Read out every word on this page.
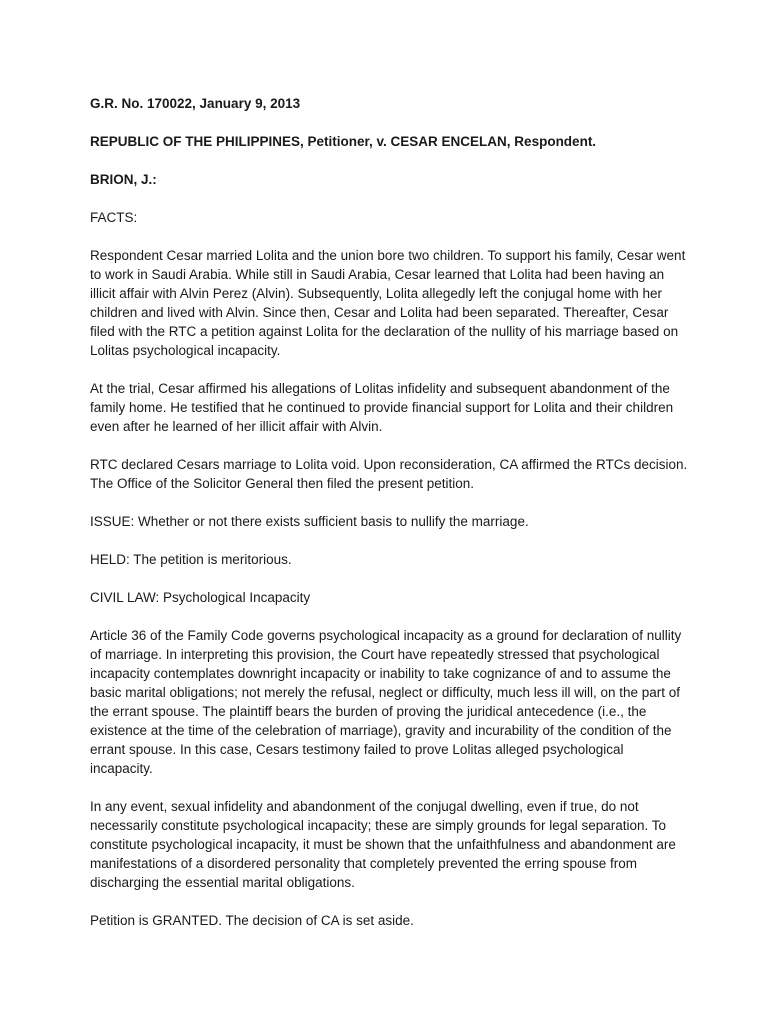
G.R. No. 170022, January 9, 2013

REPUBLIC OF THE PHILIPPINES, Petitioner, v. CESAR ENCELAN, Respondent.

BRION, J.:

FACTS:

Respondent Cesar married Lolita and the union bore two children. To support his family, Cesar went to work in Saudi Arabia. While still in Saudi Arabia, Cesar learned that Lolita had been having an illicit affair with Alvin Perez (Alvin). Subsequently, Lolita allegedly left the conjugal home with her children and lived with Alvin. Since then, Cesar and Lolita had been separated. Thereafter, Cesar filed with the RTC a petition against Lolita for the declaration of the nullity of his marriage based on Lolitas psychological incapacity.

At the trial, Cesar affirmed his allegations of Lolitas infidelity and subsequent abandonment of the family home. He testified that he continued to provide financial support for Lolita and their children even after he learned of her illicit affair with Alvin.

RTC declared Cesars marriage to Lolita void. Upon reconsideration, CA affirmed the RTCs decision. The Office of the Solicitor General then filed the present petition.

ISSUE: Whether or not there exists sufficient basis to nullify the marriage.

HELD: The petition is meritorious.

CIVIL LAW: Psychological Incapacity

Article 36 of the Family Code governs psychological incapacity as a ground for declaration of nullity of marriage. In interpreting this provision, the Court have repeatedly stressed that psychological incapacity contemplates downright incapacity or inability to take cognizance of and to assume the basic marital obligations; not merely the refusal, neglect or difficulty, much less ill will, on the part of the errant spouse. The plaintiff bears the burden of proving the juridical antecedence (i.e., the existence at the time of the celebration of marriage), gravity and incurability of the condition of the errant spouse. In this case, Cesars testimony failed to prove Lolitas alleged psychological incapacity.

In any event, sexual infidelity and abandonment of the conjugal dwelling, even if true, do not necessarily constitute psychological incapacity; these are simply grounds for legal separation. To constitute psychological incapacity, it must be shown that the unfaithfulness and abandonment are manifestations of a disordered personality that completely prevented the erring spouse from discharging the essential marital obligations.

Petition is GRANTED. The decision of CA is set aside.
